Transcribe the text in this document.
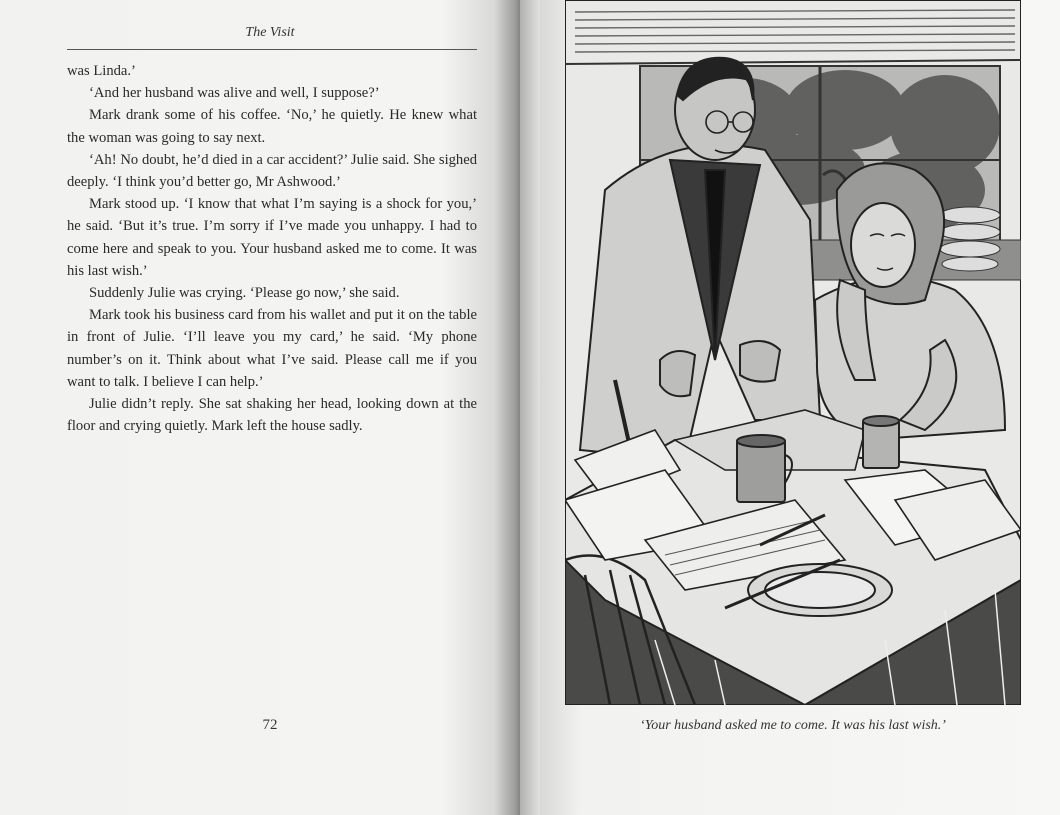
The Visit

was Linda.’

‘And her husband was alive and well, I suppose?’

Mark drank some of his coffee. ‘No,’ he quietly. He knew what the woman was going to say next.

‘Ah! No doubt, he’d died in a car accident?’ Julie said. She sighed deeply. ‘I think you’d better go, Mr Ashwood.’

Mark stood up. ‘I know that what I’m saying is a shock for you,’ he said. ‘But it’s true. I’m sorry if I’ve made you unhappy. I had to come here and speak to you. Your husband asked me to come. It was his last wish.’

Suddenly Julie was crying. ‘Please go now,’ she said.

Mark took his business card from his wallet and put it on the table in front of Julie. ‘I’ll leave you my card,’ he said. ‘My phone number’s on it. Think about what I’ve said. Please call me if you want to talk. I believe I can help.’

Julie didn’t reply. She sat shaking her head, looking down at the floor and crying quietly. Mark left the house sadly.

72	‘Your husband asked me to come. It was his last wish.’
